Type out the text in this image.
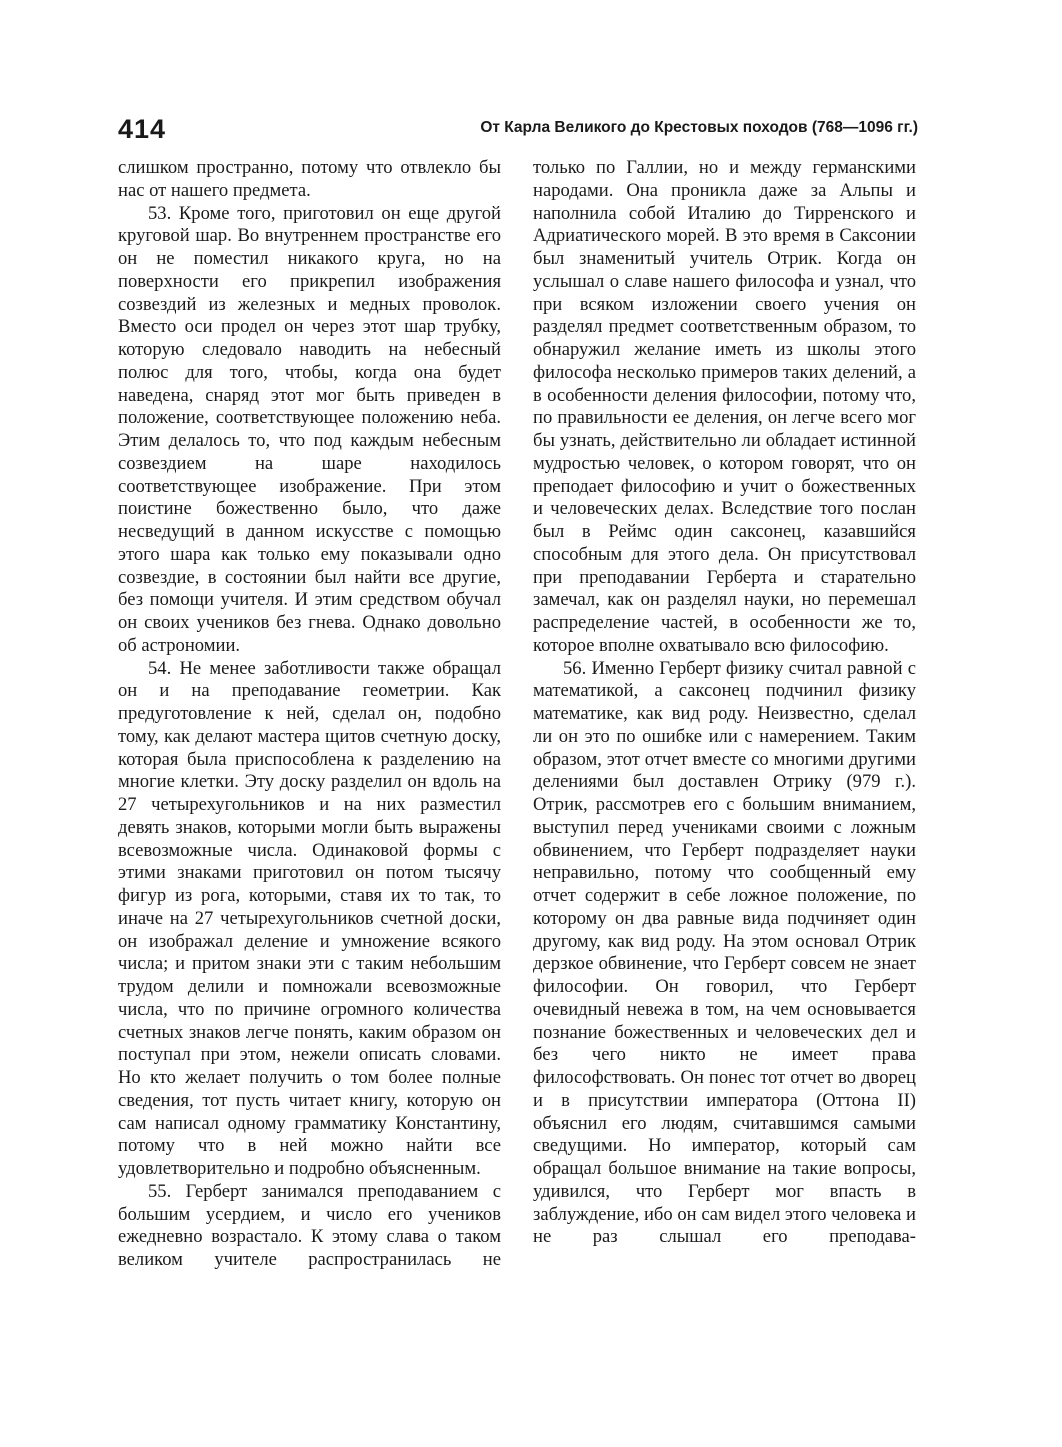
414	От Карла Великого до Крестовых походов (768—1096 гг.)

слишком пространно, потому что отвлекло бы нас от нашего предмета.

53. Кроме того, приготовил он еще другой круговой шар. Во внутреннем пространстве его он не поместил никакого круга, но на поверхности его прикрепил изображения созвездий из железных и медных проволок. Вместо оси продел он через этот шар трубку, которую следовало наводить на небесный полюс для того, чтобы, когда она будет наведена, снаряд этот мог быть приведен в положение, соответствующее положению неба. Этим делалось то, что под каждым небесным созвездием на шаре находилось соответствующее изображение. При этом поистине божественно было, что даже несведущий в данном искусстве с помощью этого шара как только ему показывали одно созвездие, в состоянии был найти все другие, без помощи учителя. И этим средством обучал он своих учеников без гнева. Однако довольно об астрономии.

54. Не менее заботливости также обращал он и на преподавание геометрии. Как предуготовление к ней, сделал он, подобно тому, как делают мастера щитов счетную доску, которая была приспособлена к разделению на многие клетки. Эту доску разделил он вдоль на 27 четырехугольников и на них разместил девять знаков, которыми могли быть выражены всевозможные числа. Одинаковой формы с этими знаками приготовил он потом тысячу фигур из рога, которыми, ставя их то так, то иначе на 27 четырехугольников счетной доски, он изображал деление и умножение всякого числа; и притом знаки эти с таким небольшим трудом делили и помножали всевозможные числа, что по причине огромного количества счетных знаков легче понять, каким образом он поступал при этом, нежели описать словами. Но кто желает получить о том более полные сведения, тот пусть читает книгу, которую он сам написал одному грамматику Константину, потому что в ней можно найти все удовлетворительно и подробно объясненным.

55. Герберт занимался преподаванием с большим усердием, и число его учеников ежедневно возрастало. К этому слава о таком великом учителе распространилась не

только по Галлии, но и между германскими народами. Она проникла даже за Альпы и наполнила собой Италию до Тирренского и Адриатического морей. В это время в Саксонии был знаменитый учитель Отрик. Когда он услышал о славе нашего философа и узнал, что при всяком изложении своего учения он разделял предмет соответственным образом, то обнаружил желание иметь из школы этого философа несколько примеров таких делений, а в особенности деления философии, потому что, по правильности ее деления, он легче всего мог бы узнать, действительно ли обладает истинной мудростью человек, о котором говорят, что он преподает философию и учит о божественных и человеческих делах. Вследствие того послан был в Реймс один саксонец, казавшийся способным для этого дела. Он присутствовал при преподавании Герберта и старательно замечал, как он разделял науки, но перемешал распределение частей, в особенности же то, которое вполне охватывало всю философию.

56. Именно Герберт физику считал равной с математикой, а саксонец подчинил физику математике, как вид роду. Неизвестно, сделал ли он это по ошибке или с намерением. Таким образом, этот отчет вместе со многими другими делениями был доставлен Отрику (979 г.). Отрик, рассмотрев его с большим вниманием, выступил перед учениками своими с ложным обвинением, что Герберт подразделяет науки неправильно, потому что сообщенный ему отчет содержит в себе ложное положение, по которому он два равные вида подчиняет один другому, как вид роду. На этом основал Отрик дерзкое обвинение, что Герберт совсем не знает философии. Он говорил, что Герберт очевидный невежа в том, на чем основывается познание божественных и человеческих дел и без чего никто не имеет права философствовать. Он понес тот отчет во дворец и в присутствии императора (Оттона II) объяснил его людям, считавшимся самыми сведущими. Но император, который сам обращал большое внимание на такие вопросы, удивился, что Герберт мог впасть в заблуждение, ибо он сам видел этого человека и не раз слышал его преподава-
